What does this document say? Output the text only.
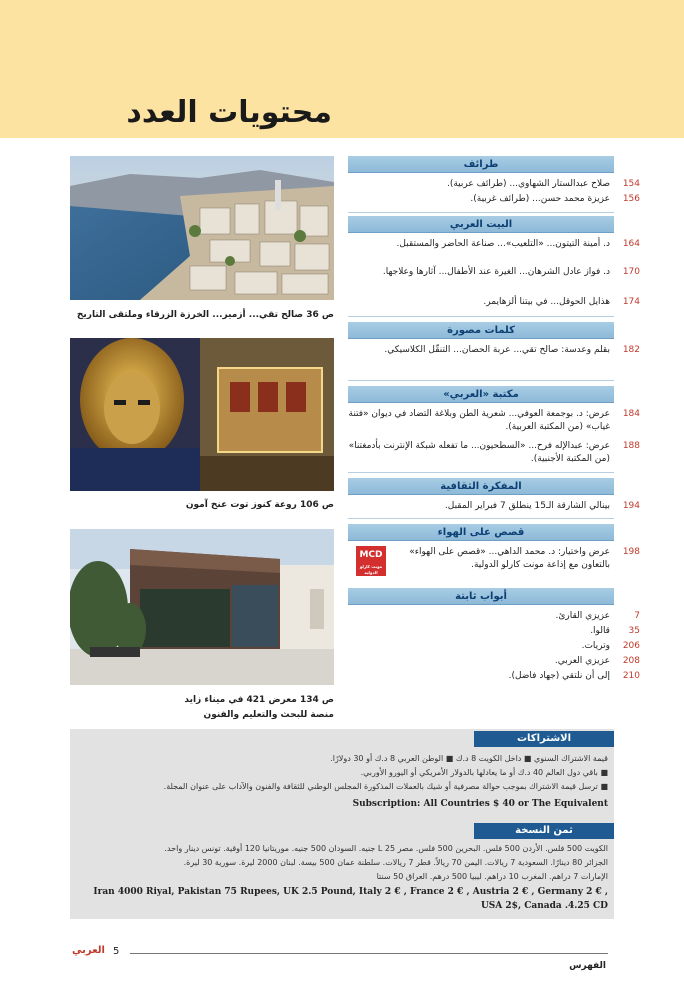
محتويات العدد
ص 36 صالح تقي... أزمير... الخرزة الزرقاء وملتقى التاريخ
ص 106 روعة كنوز توت عنخ آمون
ص 134 معرض 421 في ميناء زايد
منصة للبحث والتعليم والفنون
طرائف
154
صلاح عبدالستار الشهاوي... (طرائف عربية).
156
عزيزة محمد حسن... (طرائف غربية).
البيت العربي
164
د. أمينة التيتون... «التلعيب»... صناعة الحاضر والمستقبل.
170
د. فواز عادل الشرهان... الغيرة عند الأطفال... آثارها وعلاجها.
174
هذايل الحوقل... في بيتنا ألزهايمر.
كلمات مصورة
182
بقلم وعدسة: صالح تقي... عربة الحصان... التنقّل الكلاسيكي.
مكتبة «العربي»
184
عرض: د. بوجمعة العوفي... شعرية الطن وبلاغة التضاد في ديوان «فتنة غياب» (من المكتبة العربية).
188
عرض: عبدالإله فرح... «السطحيون... ما تفعله شبكة الإنترنت بأدمغتنا» (من المكتبة الأجنبية).
المفكرة الثقافية
194
بينالي الشارقة الـ15 ينطلق 7 فبراير المقبل.
قصص على الهواء
198
عرض واختيار: د. محمد الداهي... «قصص على الهواء» بالتعاون مع إذاعة مونت كارلو الدولية.
أبواب ثابتة
7
عزيزي القارئ.
35
قالوا.
206
وتريات.
208
عزيزي العربي.
210
إلى أن نلتقي (جهاد فاضل).
MCD
مونت كارلو الدولية
الاشتراكات
قيمة الاشتراك السنوي ■ داخل الكويت 8 د.ك ■ الوطن العربي 8 د.ك أو 30 دولارًا.
■ باقي دول العالم 40 د.ك أو ما يعادلها بالدولار الأمريكي أو اليورو الأوربي.
■ ترسل قيمة الاشتراك بموجب حوالة مصرفية أو شيك بالعملات المذكورة المجلس الوطني للثقافة والفنون والآداب على عنوان المجلة.
Subscription: All Countries $ 40 or The Equivalent
ثمن النسخة
الكويت 500 فلس. الأردن 500 فلس. البحرين 500 فلس. مصر 25 L جنيه. السودان 500 جنيه. موريتانيا 120 أوقية. تونس دينار واحد.
الجزائر 80 دينارًا. السعودية 7 ريالات. اليمن 70 ريالاً. قطر 7 ريالات. سلطنة عمان 500 بيسة. لبنان 2000 ليرة. سورية 30 ليرة.
الإمارات 7 دراهم. المغرب 10 دراهم. ليبيا 500 درهم. العراق 50 سنتا
Iran 4000 Riyal, Pakistan 75 Rupees, UK 2.5 Pound, Italy 2 € , France 2 € , Austria 2 € , Germany 2 € ,
USA 2$, Canada .4.25 CD
العربي 5
الفهرس
